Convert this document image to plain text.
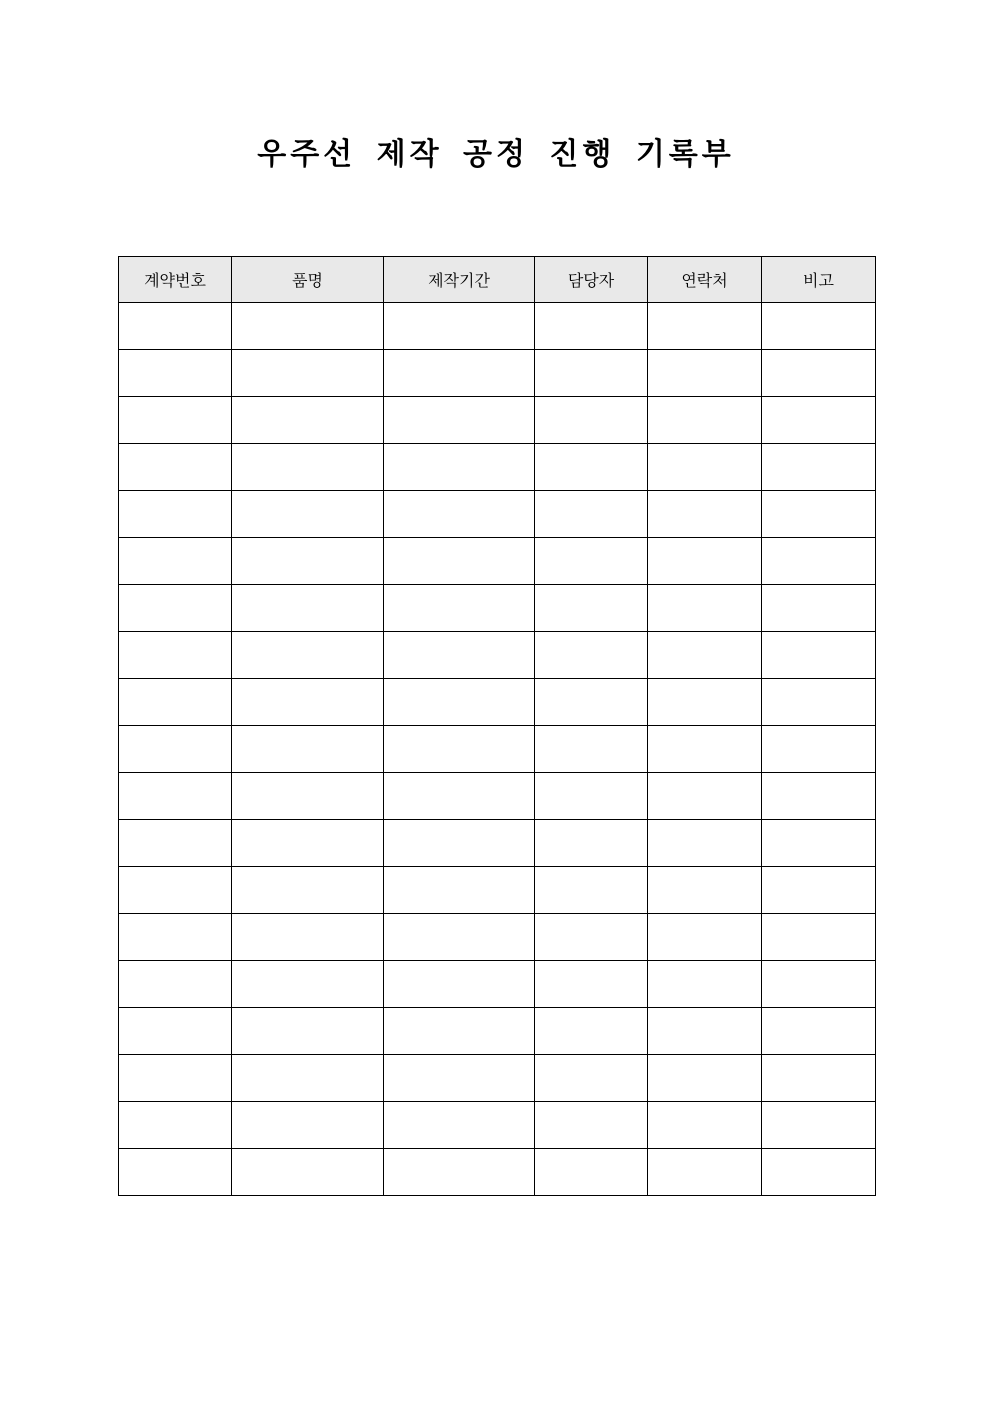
우주선 제작 공정 진행 기록부
계약번호	품명	제작기간	담당자	연락처	비고
